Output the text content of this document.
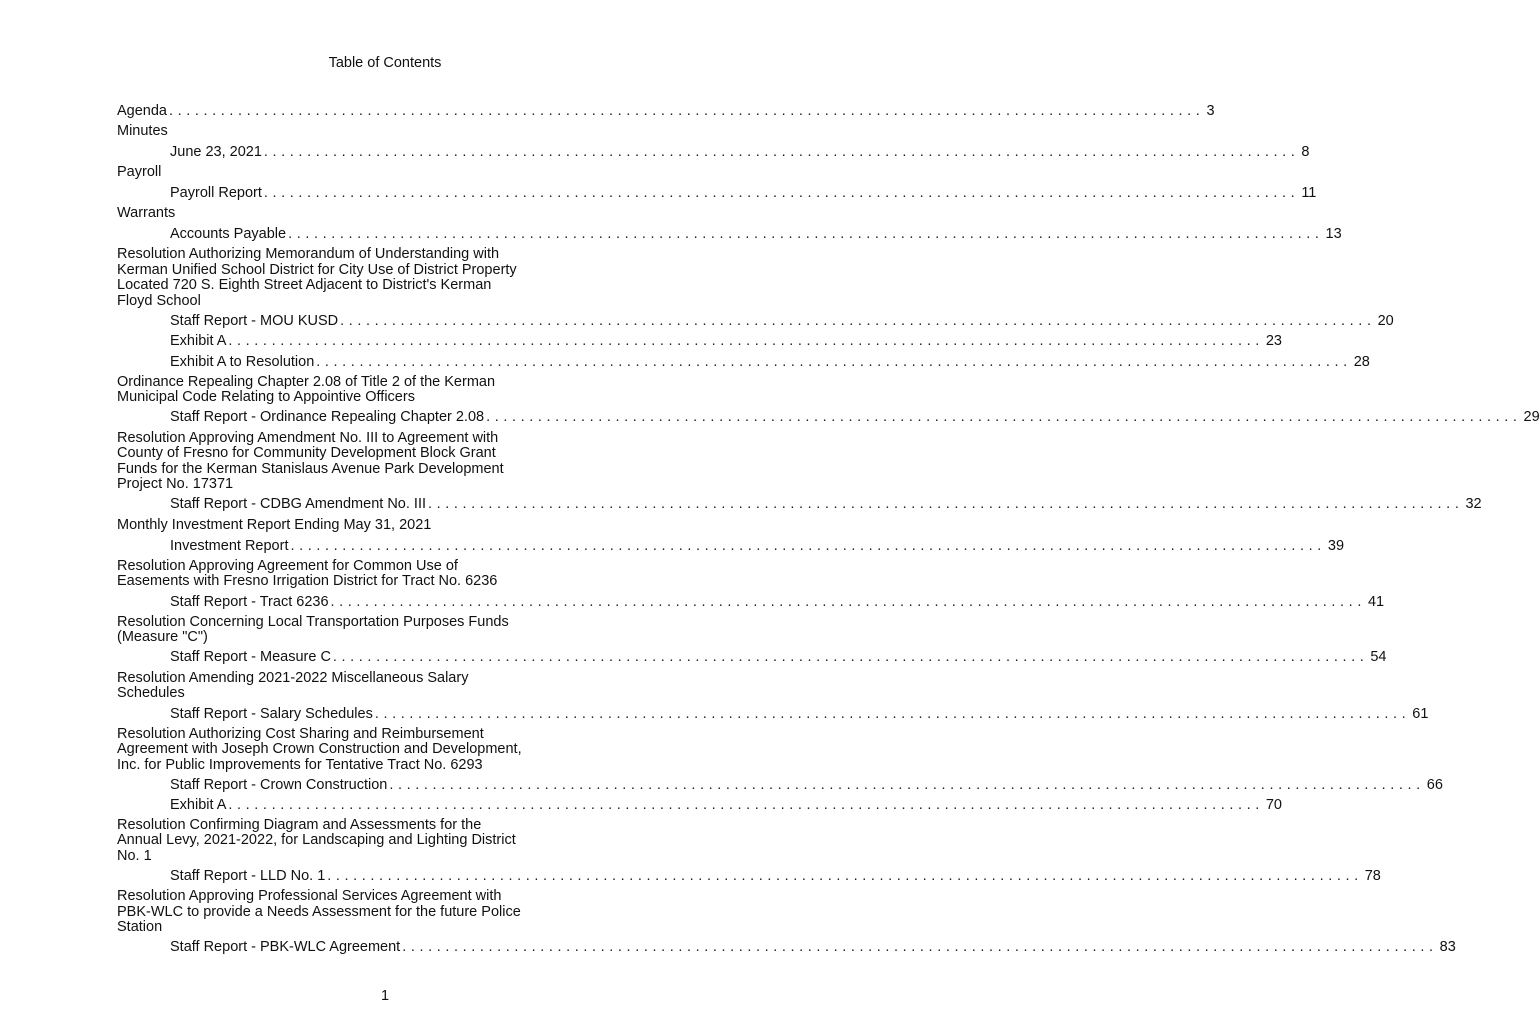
Table of Contents
Agenda ........................................................................................................................ 3
Minutes
June 23, 2021 ........................................................................................................................ 8
Payroll
Payroll Report ........................................................................................................................ 11
Warrants
Accounts Payable ........................................................................................................................ 13
Resolution Authorizing Memorandum of Understanding with
Kerman Unified School District for City Use of District Property
Located 720 S. Eighth Street Adjacent to District's Kerman
Floyd School
Staff Report - MOU KUSD ........................................................................................................................ 20
Exhibit A ........................................................................................................................ 23
Exhibit A to Resolution ........................................................................................................................ 28
Ordinance Repealing Chapter 2.08 of Title 2 of the Kerman
Municipal Code Relating to Appointive Officers
Staff Report - Ordinance Repealing Chapter 2.08 ........................................................................................................................ 29
Resolution Approving Amendment No. III to Agreement with
County of Fresno for Community Development Block Grant
Funds for the Kerman Stanislaus Avenue Park Development
Project No. 17371
Staff Report - CDBG Amendment No. III ........................................................................................................................ 32
Monthly Investment Report Ending May 31, 2021
Investment Report ........................................................................................................................ 39
Resolution Approving Agreement for Common Use of
Easements with Fresno Irrigation District for Tract No. 6236
Staff Report - Tract 6236 ........................................................................................................................ 41
Resolution Concerning Local Transportation Purposes Funds
(Measure "C")
Staff Report - Measure C ........................................................................................................................ 54
Resolution Amending 2021-2022 Miscellaneous Salary
Schedules
Staff Report - Salary Schedules ........................................................................................................................ 61
Resolution Authorizing Cost Sharing and Reimbursement
Agreement with Joseph Crown Construction and Development,
Inc. for Public Improvements for Tentative Tract No. 6293
Staff Report - Crown Construction ........................................................................................................................ 66
Exhibit A ........................................................................................................................ 70
Resolution Confirming Diagram and Assessments for the
Annual Levy, 2021-2022, for Landscaping and Lighting District
No. 1
Staff Report - LLD No. 1 ........................................................................................................................ 78
Resolution Approving Professional Services Agreement with
PBK-WLC to provide a Needs Assessment for the future Police
Station
Staff Report - PBK-WLC Agreement ........................................................................................................................ 83
1
